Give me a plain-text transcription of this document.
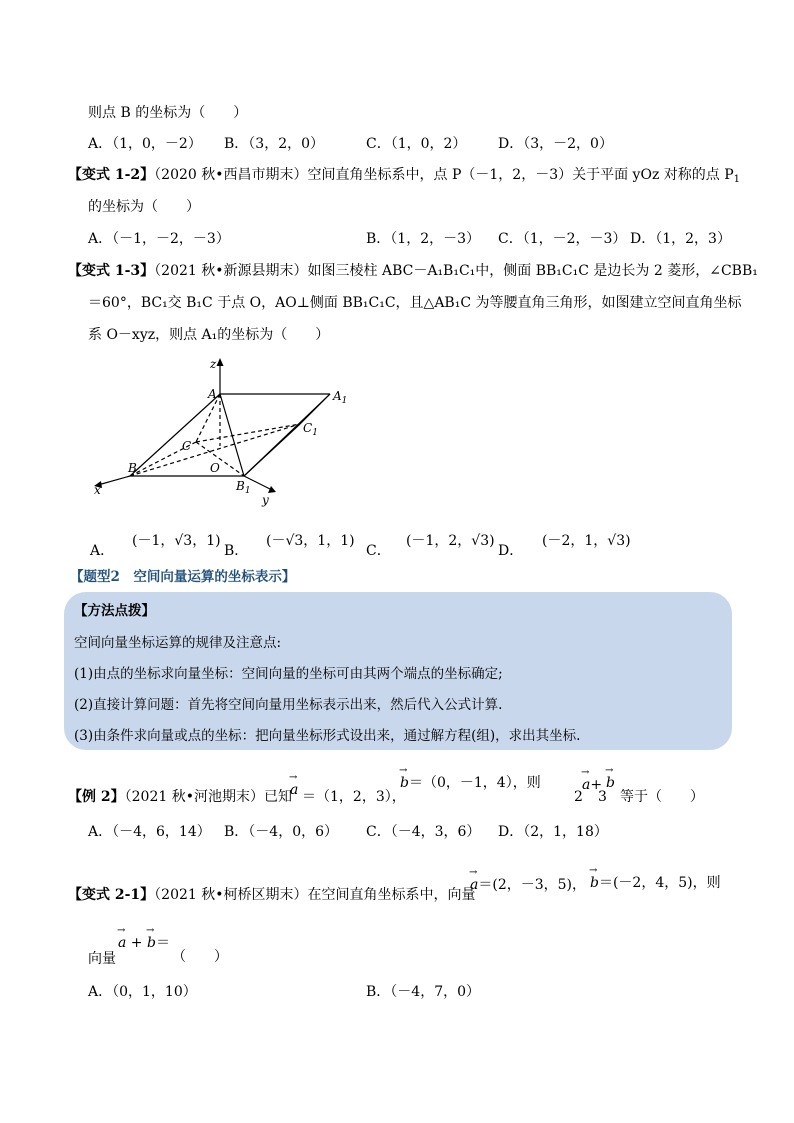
则点 B 的坐标为（　　）
A．（1，0，－2） B．（3，2，0）	C．（1，0，2） D．（3，－2，0）
【变式 1-2】（2020 秋•西昌市期末）空间直角坐标系中，点 P（－1，2，－3）关于平面 yOz 对称的点 $P_1$
的坐标为（　　）
A．（－1，－2，－3）	B．（1，2，－3） C．（1，－2，－3） D．（1，2，3）
【变式 1-3】（2021 秋•新源县期末）如图三棱柱 ABC－A₁B₁C₁中，侧面 BB₁C₁C 是边长为 2 菱形，∠CBB₁
＝60°，BC₁交 B₁C 于点 O，AO⊥侧面 BB₁C₁C，且△AB₁C 为等腰直角三角形，如图建立空间直角坐标
系 O－xyz，则点 A₁的坐标为（　　）
z
A	$A_1$
C
$C_1$
B	O
$B_1$
x
y
A．
(－1，√3，1)
B．
(－√3，1，1)
C．
(－1，2，√3)
D．
(－2，1，√3)
【题型2　空间向量运算的坐标表示】
【方法点拨】
空间向量坐标运算的规律及注意点:
(1)由点的坐标求向量坐标：空间向量的坐标可由其两个端点的坐标确定;
(2)直接计算问题：首先将空间向量用坐标表示出来，然后代入公式计算.
(3)由条件求向量或点的坐标：把向量坐标形式设出来，通过解方程(组)，求出其坐标.
【例 2】（2021 秋•河池期末）已知
→ a ＝（1，2，3），
→ b＝（0，－1，4），则
2
→ a+
3
→ b
等于（　　）
A．（－4，6，14） B．（－4，0，6） C．（－4，3，6） D．（2，1，18）
【变式 2-1】（2021 秋•柯桥区期末）在空间直角坐标系中，向量
→ a＝(2，－3，5)，
→ b＝(－2，4，5)，则
向量
→ a + → b＝
（　　）
A．（0，1，10）	B．（－4，7，0）
